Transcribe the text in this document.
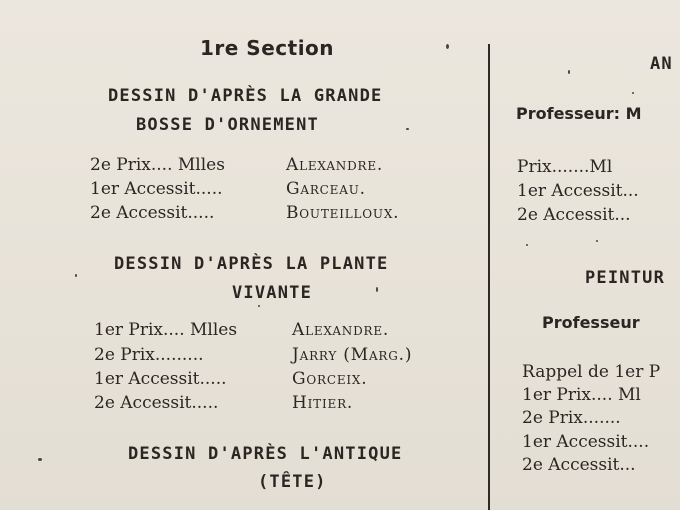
1re Section
DESSIN D'APRÈS LA GRANDE
BOSSE D'ORNEMENT
2e Prix.... Mlles	Alexandre.
1er Accessit.....	Garceau.
2e Accessit.....	Bouteilloux.
DESSIN D'APRÈS LA PLANTE
VIVANTE
1er Prix.... Mlles	Alexandre.
2e Prix.........	Jarry (Marg.)
1er Accessit.....	Gorceix.
2e Accessit.....	Hitier.
DESSIN D'APRÈS L'ANTIQUE
(TÊTE)
AN
Professeur: M
Prix.......Ml
1er Accessit...
2e Accessit...
PEINTUR
Professeur
Rappel de 1er P
1er Prix.... Ml
2e Prix.......
1er Accessit....
2e Accessit...
